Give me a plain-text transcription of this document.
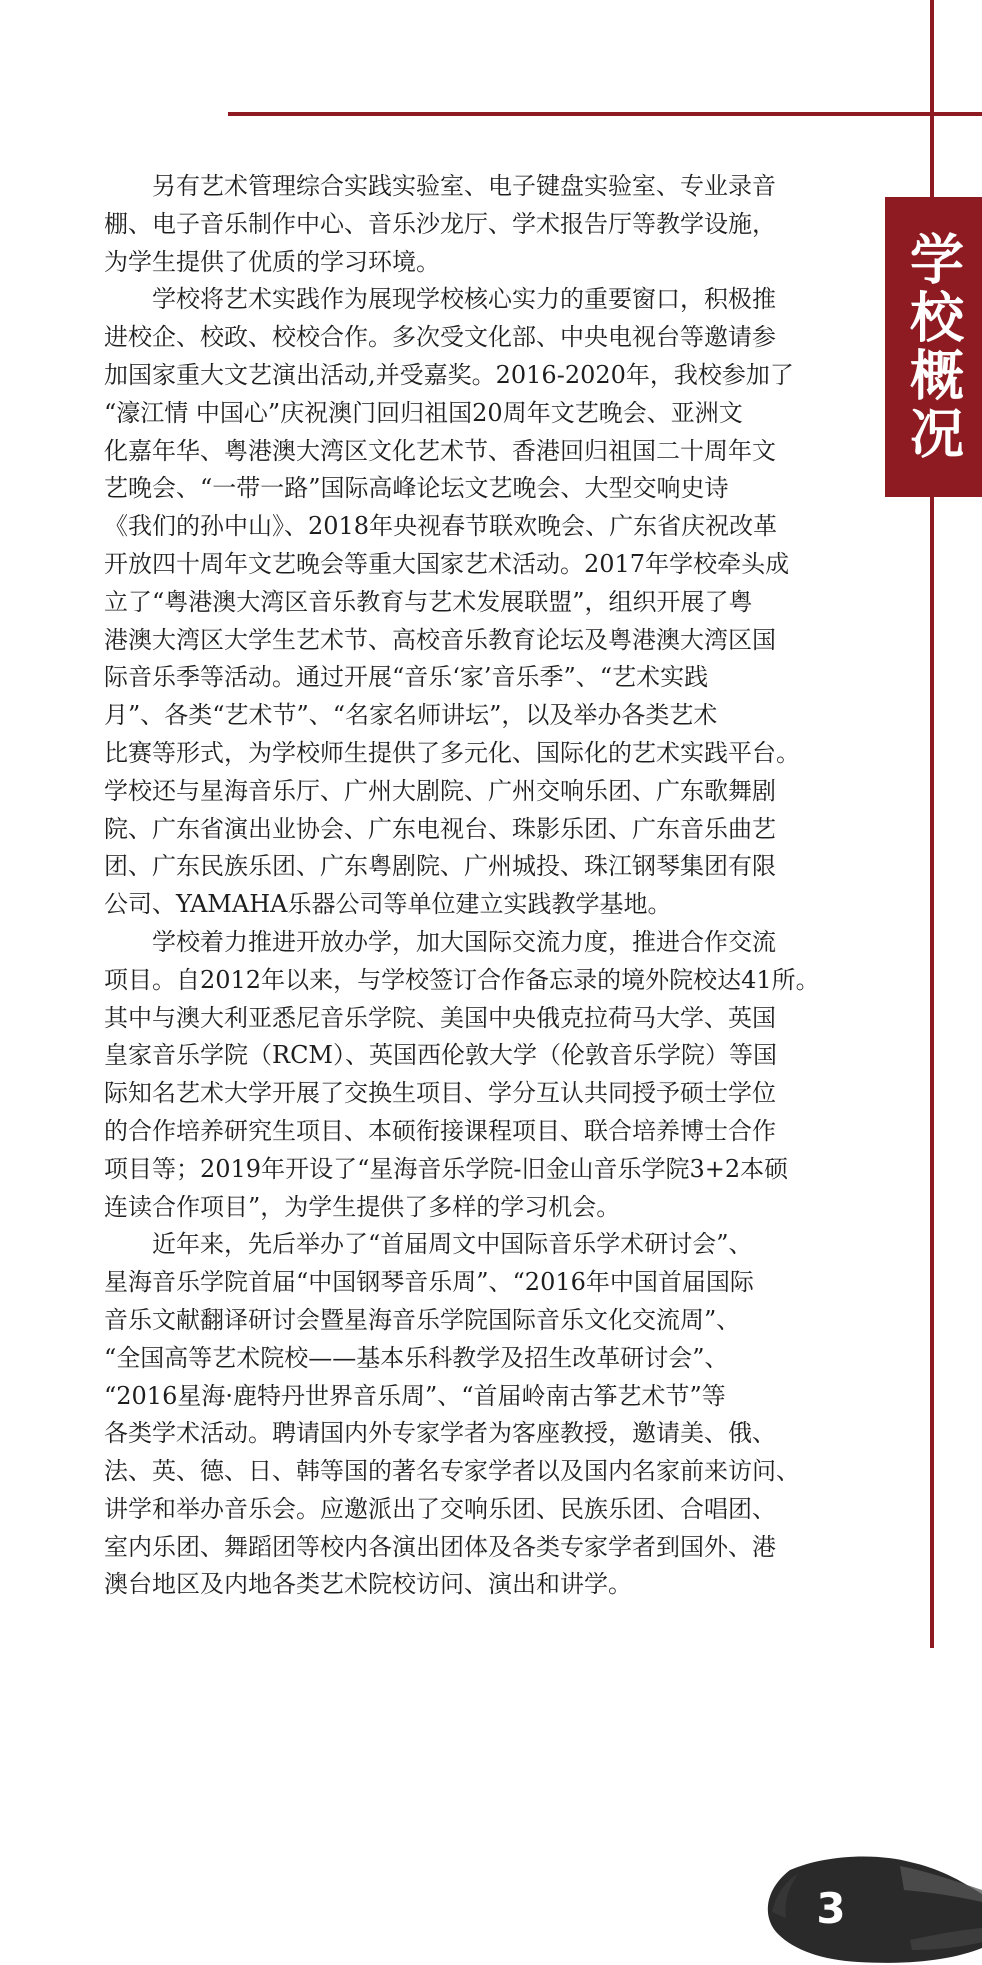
学校概况

另有艺术管理综合实践实验室、电子键盘实验室、专业录音
棚、电子音乐制作中心、音乐沙龙厅、学术报告厅等教学设施，
为学生提供了优质的学习环境。

学校将艺术实践作为展现学校核心实力的重要窗口，积极推
进校企、校政、校校合作。多次受文化部、中央电视台等邀请参
加国家重大文艺演出活动,并受嘉奖。2016-2020年，我校参加了
“濠江情 中国心”庆祝澳门回归祖国20周年文艺晚会、亚洲文
化嘉年华、粤港澳大湾区文化艺术节、香港回归祖国二十周年文
艺晚会、“一带一路”国际高峰论坛文艺晚会、大型交响史诗
《我们的孙中山》、2018年央视春节联欢晚会、广东省庆祝改革
开放四十周年文艺晚会等重大国家艺术活动。2017年学校牵头成
立了“粤港澳大湾区音乐教育与艺术发展联盟”，组织开展了粤
港澳大湾区大学生艺术节、高校音乐教育论坛及粤港澳大湾区国
际音乐季等活动。通过开展“音乐‘家’音乐季”、“艺术实践
月”、各类“艺术节”、“名家名师讲坛”，以及举办各类艺术
比赛等形式，为学校师生提供了多元化、国际化的艺术实践平台。
学校还与星海音乐厅、广州大剧院、广州交响乐团、广东歌舞剧
院、广东省演出业协会、广东电视台、珠影乐团、广东音乐曲艺
团、广东民族乐团、广东粤剧院、广州城投、珠江钢琴集团有限
公司、YAMAHA乐器公司等单位建立实践教学基地。

学校着力推进开放办学，加大国际交流力度，推进合作交流
项目。自2012年以来，与学校签订合作备忘录的境外院校达41所。
其中与澳大利亚悉尼音乐学院、美国中央俄克拉荷马大学、英国
皇家音乐学院（RCM）、英国西伦敦大学（伦敦音乐学院）等国
际知名艺术大学开展了交换生项目、学分互认共同授予硕士学位
的合作培养研究生项目、本硕衔接课程项目、联合培养博士合作
项目等；2019年开设了“星海音乐学院-旧金山音乐学院3+2本硕
连读合作项目”，为学生提供了多样的学习机会。

近年来，先后举办了“首届周文中国际音乐学术研讨会”、
星海音乐学院首届“中国钢琴音乐周”、“2016年中国首届国际
音乐文献翻译研讨会暨星海音乐学院国际音乐文化交流周”、
“全国高等艺术院校——基本乐科教学及招生改革研讨会”、
“2016星海·鹿特丹世界音乐周”、“首届岭南古筝艺术节”等
各类学术活动。聘请国内外专家学者为客座教授，邀请美、俄、
法、英、德、日、韩等国的著名专家学者以及国内名家前来访问、
讲学和举办音乐会。应邀派出了交响乐团、民族乐团、合唱团、
室内乐团、舞蹈团等校内各演出团体及各类专家学者到国外、港
澳台地区及内地各类艺术院校访问、演出和讲学。

3
